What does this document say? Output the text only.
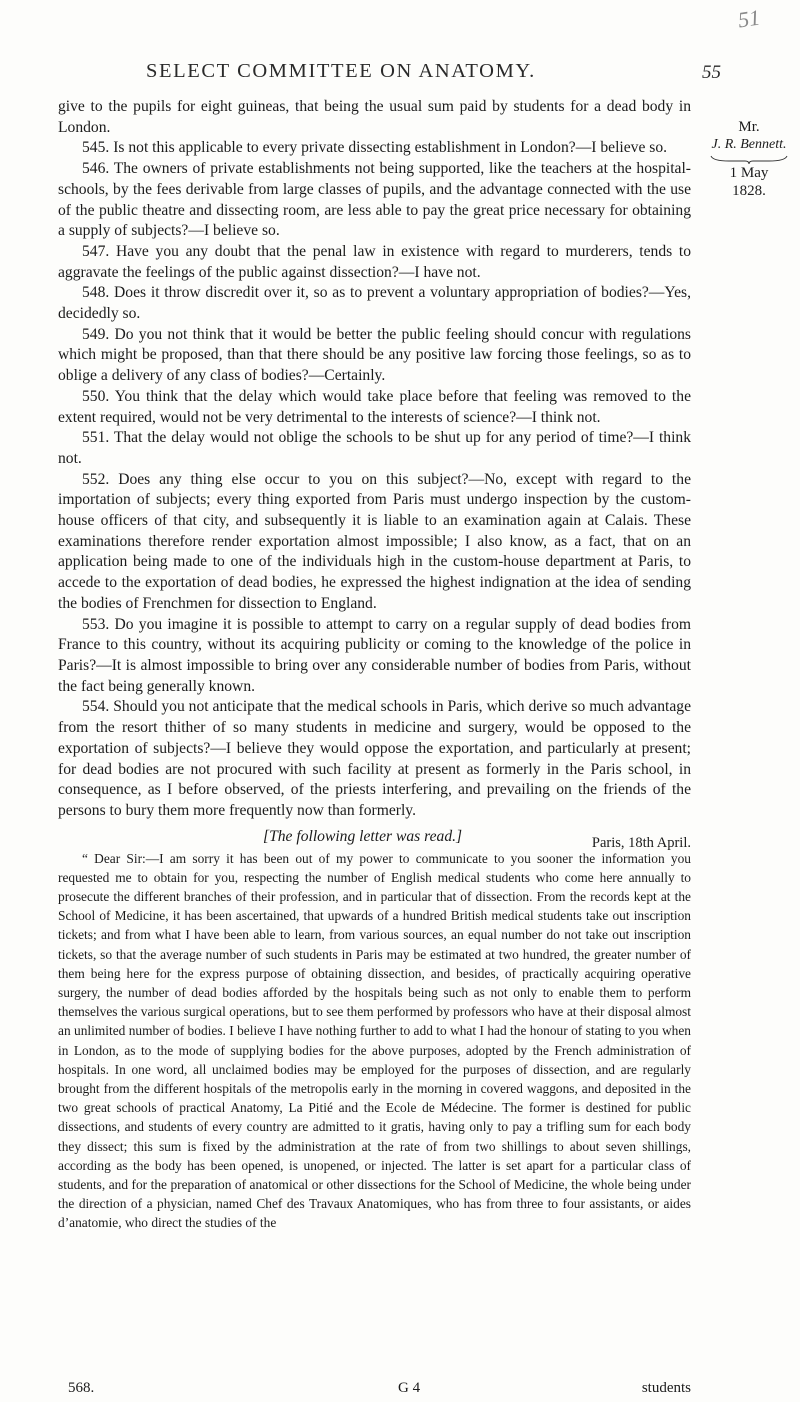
51
SELECT COMMITTEE ON ANATOMY.	55
Mr.
J. R. Bennett.
1 May
1828.

give to the pupils for eight guineas, that being the usual sum paid by students for a dead body in London.

545. Is not this applicable to every private dissecting establishment in London?—I believe so.

546. The owners of private establishments not being supported, like the teachers at the hospital-schools, by the fees derivable from large classes of pupils, and the advantage connected with the use of the public theatre and dissecting room, are less able to pay the great price necessary for obtaining a supply of subjects?—I believe so.

547. Have you any doubt that the penal law in existence with regard to murderers, tends to aggravate the feelings of the public against dissection?—I have not.

548. Does it throw discredit over it, so as to prevent a voluntary appropriation of bodies?—Yes, decidedly so.

549. Do you not think that it would be better the public feeling should concur with regulations which might be proposed, than that there should be any positive law forcing those feelings, so as to oblige a delivery of any class of bodies?—Certainly.

550. You think that the delay which would take place before that feeling was removed to the extent required, would not be very detrimental to the interests of science?—I think not.

551. That the delay would not oblige the schools to be shut up for any period of time?—I think not.

552. Does any thing else occur to you on this subject?—No, except with regard to the importation of subjects; every thing exported from Paris must undergo inspection by the custom-house officers of that city, and subsequently it is liable to an examination again at Calais. These examinations therefore render exportation almost impossible; I also know, as a fact, that on an application being made to one of the individuals high in the custom-house department at Paris, to accede to the exportation of dead bodies, he expressed the highest indignation at the idea of sending the bodies of Frenchmen for dissection to England.

553. Do you imagine it is possible to attempt to carry on a regular supply of dead bodies from France to this country, without its acquiring publicity or coming to the knowledge of the police in Paris?—It is almost impossible to bring over any considerable number of bodies from Paris, without the fact being generally known.

554. Should you not anticipate that the medical schools in Paris, which derive so much advantage from the resort thither of so many students in medicine and surgery, would be opposed to the exportation of subjects?—I believe they would oppose the exportation, and particularly at present; for dead bodies are not procured with such facility at present as formerly in the Paris school, in consequence, as I before observed, of the priests interfering, and prevailing on the friends of the persons to bury them more frequently now than formerly.

[The following letter was read.]	Paris, 18th April.

“ Dear Sir:—I am sorry it has been out of my power to communicate to you sooner the information you requested me to obtain for you, respecting the number of English medical students who come here annually to prosecute the different branches of their profession, and in particular that of dissection. From the records kept at the School of Medicine, it has been ascertained, that upwards of a hundred British medical students take out inscription tickets; and from what I have been able to learn, from various sources, an equal number do not take out inscription tickets, so that the average number of such students in Paris may be estimated at two hundred, the greater number of them being here for the express purpose of obtaining dissection, and besides, of practically acquiring operative surgery, the number of dead bodies afforded by the hospitals being such as not only to enable them to perform themselves the various surgical operations, but to see them performed by professors who have at their disposal almost an unlimited number of bodies. I believe I have nothing further to add to what I had the honour of stating to you when in London, as to the mode of supplying bodies for the above purposes, adopted by the French administration of hospitals. In one word, all unclaimed bodies may be employed for the purposes of dissection, and are regularly brought from the different hospitals of the metropolis early in the morning in covered waggons, and deposited in the two great schools of practical Anatomy, La Pitié and the Ecole de Médecine. The former is destined for public dissections, and students of every country are admitted to it gratis, having only to pay a trifling sum for each body they dissect; this sum is fixed by the administration at the rate of from two shillings to about seven shillings, according as the body has been opened, is unopened, or injected. The latter is set apart for a particular class of students, and for the preparation of anatomical or other dissections for the School of Medicine, the whole being under the direction of a physician, named Chef des Travaux Anatomiques, who has from three to four assistants, or aides d’anatomie, who direct the studies of the

568.	G 4	students
